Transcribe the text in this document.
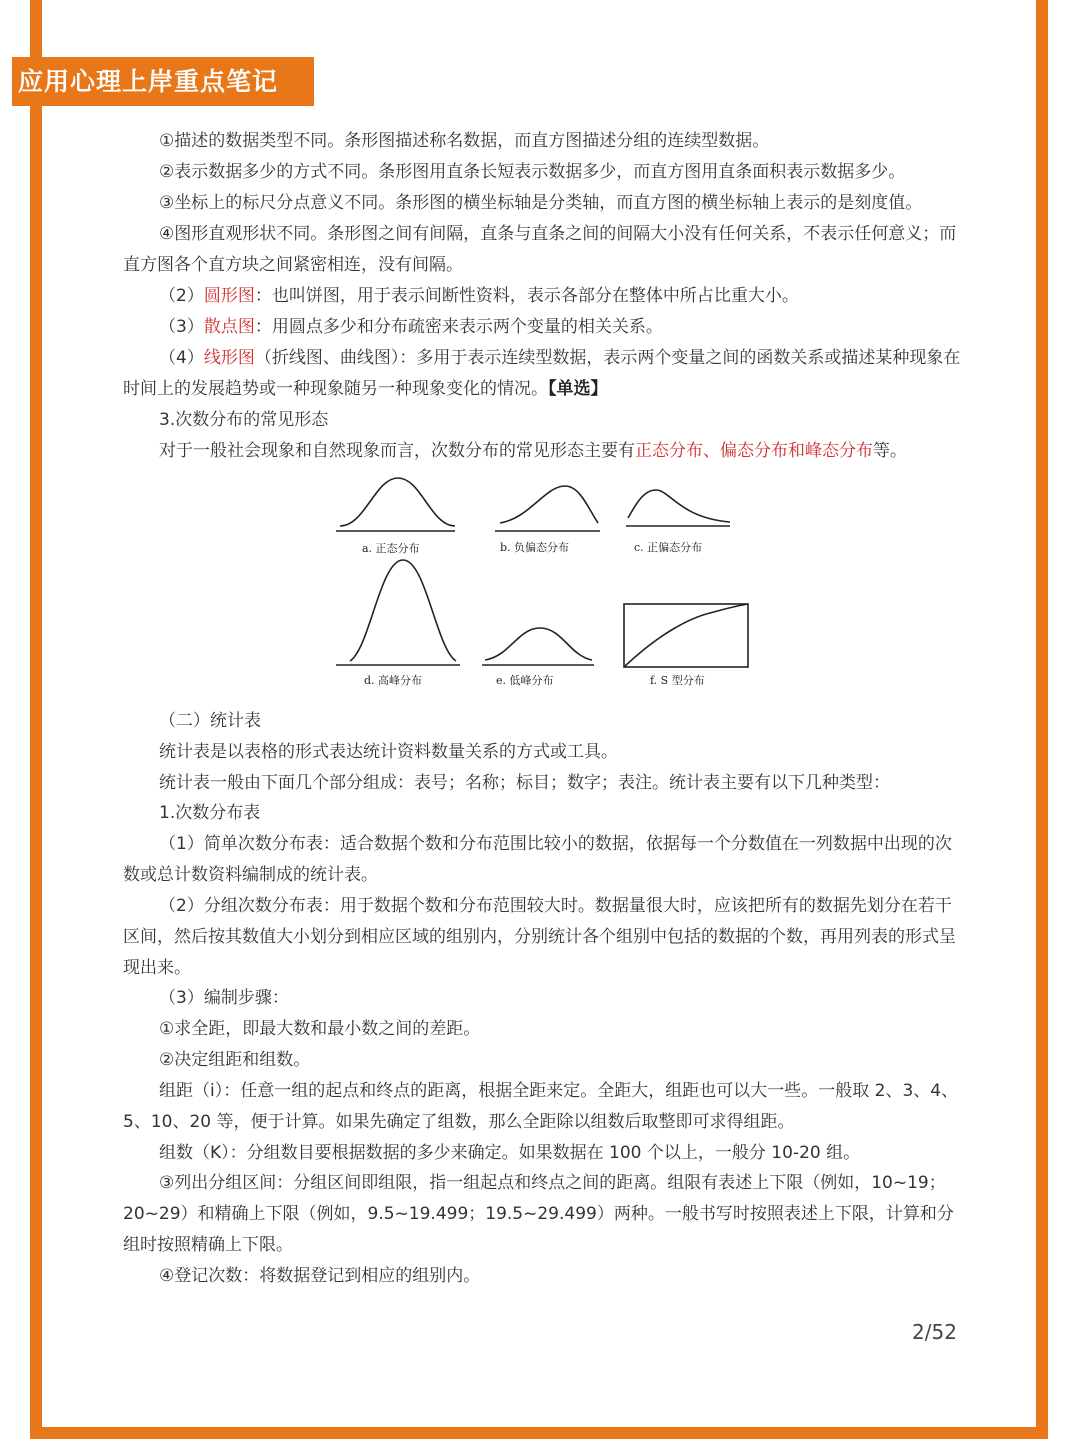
应用心理上岸重点笔记

①描述的数据类型不同。条形图描述称名数据，而直方图描述分组的连续型数据。

②表示数据多少的方式不同。条形图用直条长短表示数据多少，而直方图用直条面积表示数据多少。

③坐标上的标尺分点意义不同。条形图的横坐标轴是分类轴，而直方图的横坐标轴上表示的是刻度值。

④图形直观形状不同。条形图之间有间隔，直条与直条之间的间隔大小没有任何关系，不表示任何意义；而直方图各个直方块之间紧密相连，没有间隔。

（2）圆形图：也叫饼图，用于表示间断性资料，表示各部分在整体中所占比重大小。

（3）散点图：用圆点多少和分布疏密来表示两个变量的相关关系。

（4）线形图（折线图、曲线图）：多用于表示连续型数据，表示两个变量之间的函数关系或描述某种现象在时间上的发展趋势或一种现象随另一种现象变化的情况。【单选】

3.次数分布的常见形态

对于一般社会现象和自然现象而言，次数分布的常见形态主要有正态分布、偏态分布和峰态分布等。

a. 正态分布	b. 负偏态分布	c. 正偏态分布
d. 高峰分布	e. 低峰分布	f. S 型分布

（二）统计表

统计表是以表格的形式表达统计资料数量关系的方式或工具。

统计表一般由下面几个部分组成：表号；名称；标目；数字；表注。统计表主要有以下几种类型：

1.次数分布表

（1）简单次数分布表：适合数据个数和分布范围比较小的数据，依据每一个分数值在一列数据中出现的次数或总计数资料编制成的统计表。

（2）分组次数分布表：用于数据个数和分布范围较大时。数据量很大时，应该把所有的数据先划分在若干区间，然后按其数值大小划分到相应区域的组别内，分别统计各个组别中包括的数据的个数，再用列表的形式呈现出来。

（3）编制步骤：

①求全距，即最大数和最小数之间的差距。

②决定组距和组数。

组距（i）：任意一组的起点和终点的距离，根据全距来定。全距大，组距也可以大一些。一般取 2、3、4、5、10、20 等，便于计算。如果先确定了组数，那么全距除以组数后取整即可求得组距。

组数（K）：分组数目要根据数据的多少来确定。如果数据在 100 个以上，一般分 10-20 组。

③列出分组区间：分组区间即组限，指一组起点和终点之间的距离。组限有表述上下限（例如，10~19；20~29）和精确上下限（例如，9.5~19.499；19.5~29.499）两种。一般书写时按照表述上下限，计算和分组时按照精确上下限。

④登记次数：将数据登记到相应的组别内。

2/52
